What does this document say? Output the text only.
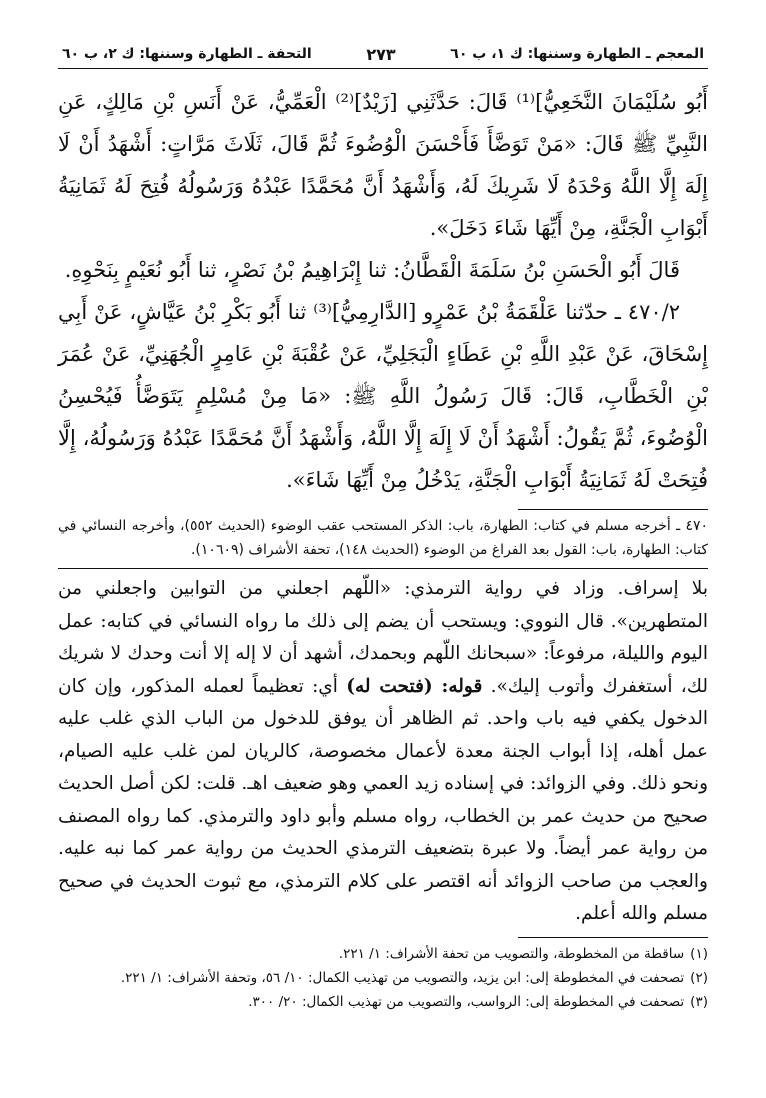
المعجم ـ الطهارة وسننها: ك ١، ب ٦٠
٢٧٣
التحفة ـ الطهارة وسننها: ك ٢، ب ٦٠

أَبُو سُلَيْمَانَ النَّخَعِيُّ]⁽¹⁾ قَالَ: حَدَّثَنِي [زَيْدٌ]⁽²⁾ الْعَمِّيُّ، عَنْ أَنَسِ بْنِ مَالِكٍ، عَنِ النَّبِيِّ ﷺ قَالَ: «مَنْ تَوَضَّأَ فَأَحْسَنَ الْوُضُوءَ ثُمَّ قَالَ، ثَلَاثَ مَرَّاتٍ: أَشْهَدُ أَنْ لَا إِلَهَ إِلَّا اللَّهُ وَحْدَهُ لَا شَرِيكَ لَهُ، وَأَشْهَدُ أَنَّ مُحَمَّدًا عَبْدُهُ وَرَسُولُهُ فُتِحَ لَهُ ثَمَانِيَةُ أَبْوَابِ الْجَنَّةِ، مِنْ أَيِّهَا شَاءَ دَخَلَ».

قَالَ أَبُو الْحَسَنِ بْنُ سَلَمَةَ الْقَطَّانُ: ثنا إِبْرَاهِيمُ بْنُ نَصْرٍ، ثنا أَبُو نُعَيْمٍ بِنَحْوِهِ.

٤٧٠/٢ ـ حدّثنا عَلْقَمَةُ بْنُ عَمْرٍو [الدَّارِمِيُّ]⁽³⁾ ثنا أَبُو بَكْرِ بْنُ عَيَّاشٍ، عَنْ أَبِي إِسْحَاقَ، عَنْ عَبْدِ اللَّهِ بْنِ عَطَاءٍ الْبَجَلِيِّ، عَنْ عُقْبَةَ بْنِ عَامِرٍ الْجُهَنِيِّ، عَنْ عُمَرَ بْنِ الْخَطَّابِ، قَالَ: قَالَ رَسُولُ اللَّهِ ﷺ: «مَا مِنْ مُسْلِمٍ يَتَوَضَّأُ فَيُحْسِنُ الْوُضُوءَ، ثُمَّ يَقُولُ: أَشْهَدُ أَنْ لَا إِلَهَ إِلَّا اللَّهُ، وَأَشْهَدُ أَنَّ مُحَمَّدًا عَبْدُهُ وَرَسُولُهُ، إِلَّا فُتِحَتْ لَهُ ثَمَانِيَةُ أَبْوَابِ الْجَنَّةِ، يَدْخُلُ مِنْ أَيِّهَا شَاءَ».

٤٧٠ ـ أخرجه مسلم في كتاب: الطهارة، باب: الذكر المستحب عقب الوضوء (الحديث ٥٥٢)، وأخرجه النسائي في كتاب: الطهارة، باب: القول بعد الفراغ من الوضوء (الحديث ١٤٨)، تحفة الأشراف (١٠٦٠٩).
بلا إسراف. وزاد في رواية الترمذي: «اللّهم اجعلني من التوابين واجعلني من المتطهرين». قال النووي: ويستحب أن يضم إلى ذلك ما رواه النسائي في كتابه: عمل اليوم والليلة، مرفوعاً: «سبحانك اللّهم وبحمدك، أشهد أن لا إله إلا أنت وحدك لا شريك لك، أستغفرك وأتوب إليك». قوله: (فتحت له) أي: تعظيماً لعمله المذكور، وإن كان الدخول يكفي فيه باب واحد. ثم الظاهر أن يوفق للدخول من الباب الذي غلب عليه عمل أهله، إذا أبواب الجنة معدة لأعمال مخصوصة، كالريان لمن غلب عليه الصيام، ونحو ذلك. وفي الزوائد: في إسناده زيد العمي وهو ضعيف اهـ. قلت: لكن أصل الحديث صحيح من حديث عمر بن الخطاب، رواه مسلم وأبو داود والترمذي. كما رواه المصنف من رواية عمر أيضاً. ولا عبرة بتضعيف الترمذي الحديث من رواية عمر كما نبه عليه. والعجب من صاحب الزوائد أنه اقتصر على كلام الترمذي، مع ثبوت الحديث في صحيح مسلم والله أعلم.
(١)
ساقطة من المخطوطة، والتصويب من تحفة الأشراف: ١/ ٢٢١.
(٢)
تصحفت في المخطوطة إلى: ابن يزيد، والتصويب من تهذيب الكمال: ١٠/ ٥٦، وتحفة الأشراف: ١/ ٢٢١.
(٣)
تصحفت في المخطوطة إلى: الرواسب، والتصويب من تهذيب الكمال: ٢٠/ ٣٠٠.
